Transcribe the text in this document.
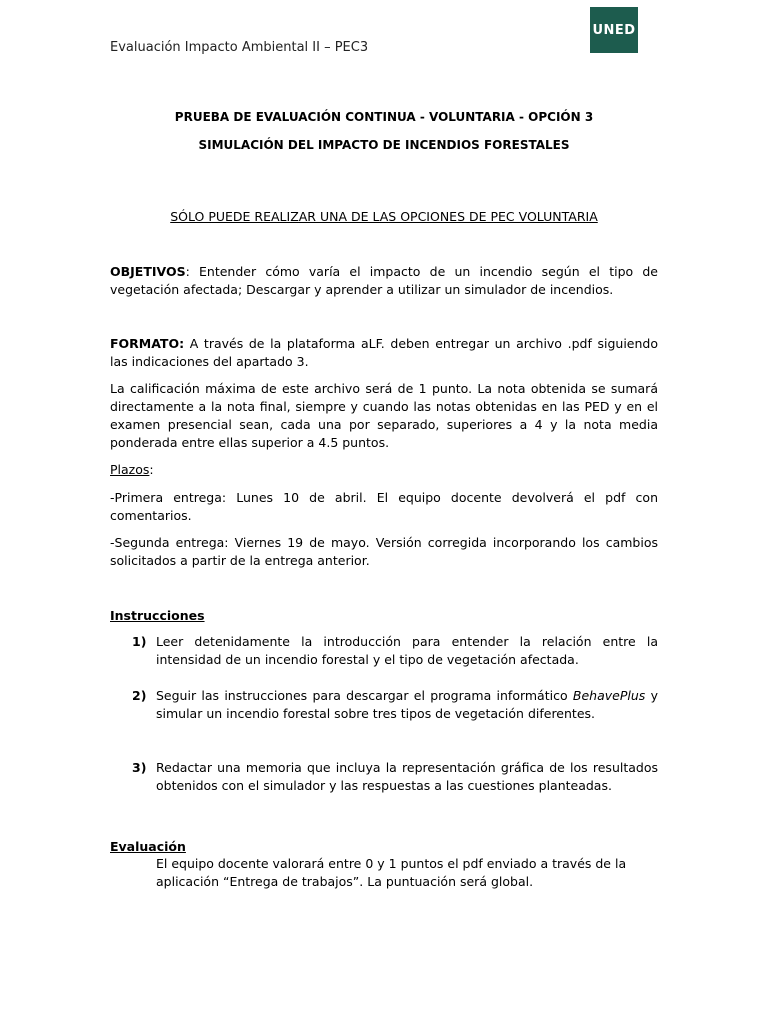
Evaluación Impacto Ambiental II – PEC3
UNED
PRUEBA DE EVALUACIÓN CONTINUA - VOLUNTARIA - OPCIÓN 3
SIMULACIÓN DEL IMPACTO DE INCENDIOS FORESTALES
SÓLO PUEDE REALIZAR UNA DE LAS OPCIONES DE PEC VOLUNTARIA
OBJETIVOS: Entender cómo varía el impacto de un incendio según el tipo de vegetación afectada; Descargar y aprender a utilizar un simulador de incendios.
FORMATO: A través de la plataforma aLF. deben entregar un archivo .pdf siguiendo las indicaciones del apartado 3.
La calificación máxima de este archivo será de 1 punto. La nota obtenida se sumará directamente a la nota final, siempre y cuando las notas obtenidas en las PED y en el examen presencial sean, cada una por separado, superiores a 4 y la nota media ponderada entre ellas superior a 4.5 puntos.
Plazos:
-Primera entrega: Lunes 10 de abril. El equipo docente devolverá el pdf con comentarios.
-Segunda entrega: Viernes 19 de mayo. Versión corregida incorporando los cambios solicitados a partir de la entrega anterior.
Instrucciones
1) Leer detenidamente la introducción para entender la relación entre la intensidad de un incendio forestal y el tipo de vegetación afectada.
2) Seguir las instrucciones para descargar el programa informático BehavePlus y simular un incendio forestal sobre tres tipos de vegetación diferentes.
3) Redactar una memoria que incluya la representación gráfica de los resultados obtenidos con el simulador y las respuestas a las cuestiones planteadas.
Evaluación
El equipo docente valorará entre 0 y 1 puntos el pdf enviado a través de la aplicación “Entrega de trabajos”. La puntuación será global.
